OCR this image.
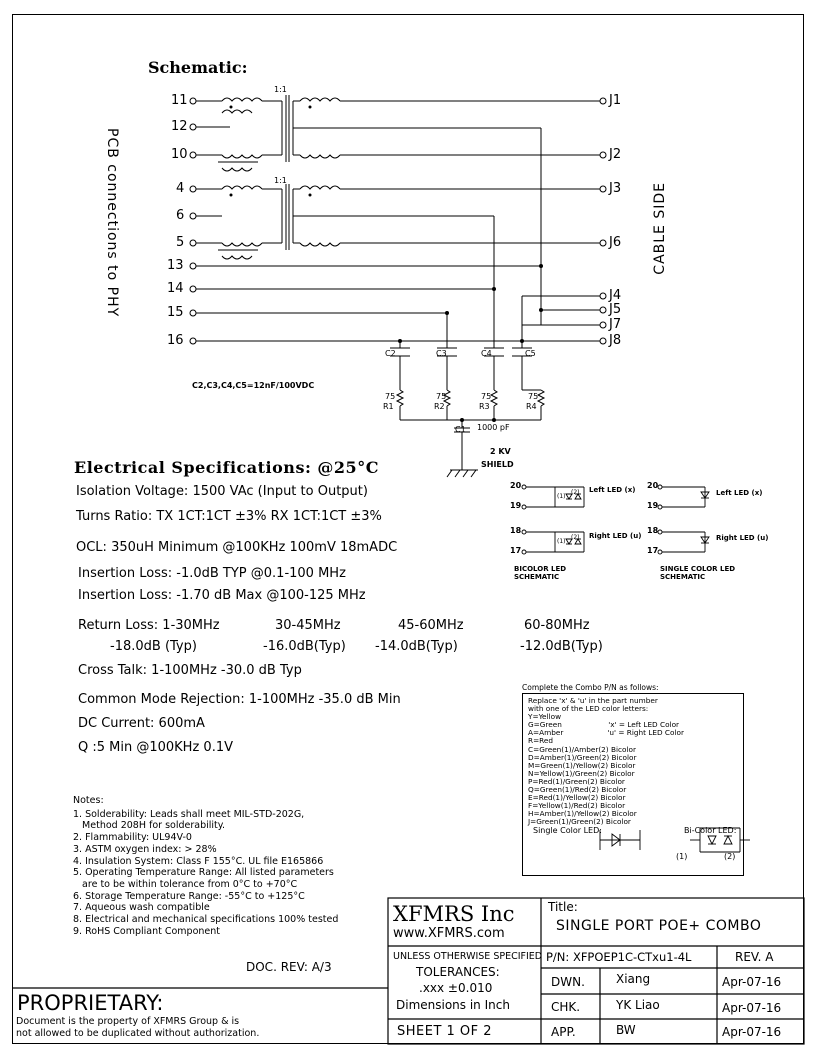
Schematic:
11
12
10
4
6
5
13
14
15
16
J1
J2
J3
J6
J4
J5
J7
J8
1:1
1:1
PCB connections to PHY	CABLE SIDE
C2	C3	C4	C5
75	75	75	75
R1	R2	R3	R4
C2,C3,C4,C5=12nF/100VDC
C1 1000 pF
2 KV
SHIELD
20
19
18
17
(1)
(2)
(1)
(2)
Left LED (x)
Right LED (u)
BICOLOR LED
SCHEMATIC
20
19
18
17
Left LED (x)
Right LED (u)
SINGLE COLOR LED
SCHEMATIC
Electrical Specifications: @25°C
Isolation Voltage: 1500 VAc (Input to Output)
Turns Ratio: TX 1CT:1CT ±3% RX 1CT:1CT ±3%
OCL: 350uH Minimum @100KHz 100mV 18mADC
Insertion Loss: -1.0dB TYP @0.1-100 MHz
Insertion Loss: -1.70 dB Max @100-125 MHz
Return Loss: 1-30MHz	30-45MHz	45-60MHz	60-80MHz
-18.0dB (Typ)	-16.0dB(Typ) -14.0dB(Typ)	-12.0dB(Typ)
Cross Talk: 1-100MHz -30.0 dB Typ
Common Mode Rejection: 1-100MHz -35.0 dB Min
DC Current: 600mA
Q :5 Min @100KHz 0.1V
Notes:
1. Solderability: Leads shall meet MIL-STD-202G,
Method 208H for solderability.
2. Flammability: UL94V-0
3. ASTM oxygen index: > 28%
4. Insulation System: Class F 155°C. UL file E165866
5. Operating Temperature Range: All listed parameters
are to be within tolerance from 0°C to +70°C
6. Storage Temperature Range: -55°C to +125°C
7. Aqueous wash compatible
8. Electrical and mechanical specifications 100% tested
9. RoHS Compliant Component
DOC. REV: A/3
Complete the Combo P/N as follows:
Replace 'x' & 'u' in the part number
with one of the LED color letters:
Y=Yellow
G=Green                    'x' = Left LED Color
A=Amber                   'u' = Right LED Color
R=Red
C=Green(1)/Amber(2) Bicolor
D=Amber(1)/Green(2) Bicolor
M=Green(1)/Yellow(2) Bicolor
N=Yellow(1)/Green(2) Bicolor
P=Red(1)/Green(2) Bicolor
Q=Green(1)/Red(2) Bicolor
E=Red(1)/Yellow(2) Bicolor
F=Yellow(1)/Red(2) Bicolor
H=Amber(1)/Yellow(2) Bicolor
J=Green(1)/Green(2) Bicolor
Single Color LED:	Bi-Color LED:
(1)	(2)
PROPRIETARY:
Document is the property of XFMRS Group & is
not allowed to be duplicated without authorization.
XFMRS Inc
www.XFMRS.com
Title:
SINGLE PORT POE+ COMBO
UNLESS OTHERWISE SPECIFIED
TOLERANCES:
.xxx ±0.010
Dimensions in Inch
P/N: XFPOEP1C-CTxu1-4L	REV. A
DWN.	Xiang	Apr-07-16
CHK.	YK Liao	Apr-07-16
APP.	BW	Apr-07-16
SHEET 1 OF 2
